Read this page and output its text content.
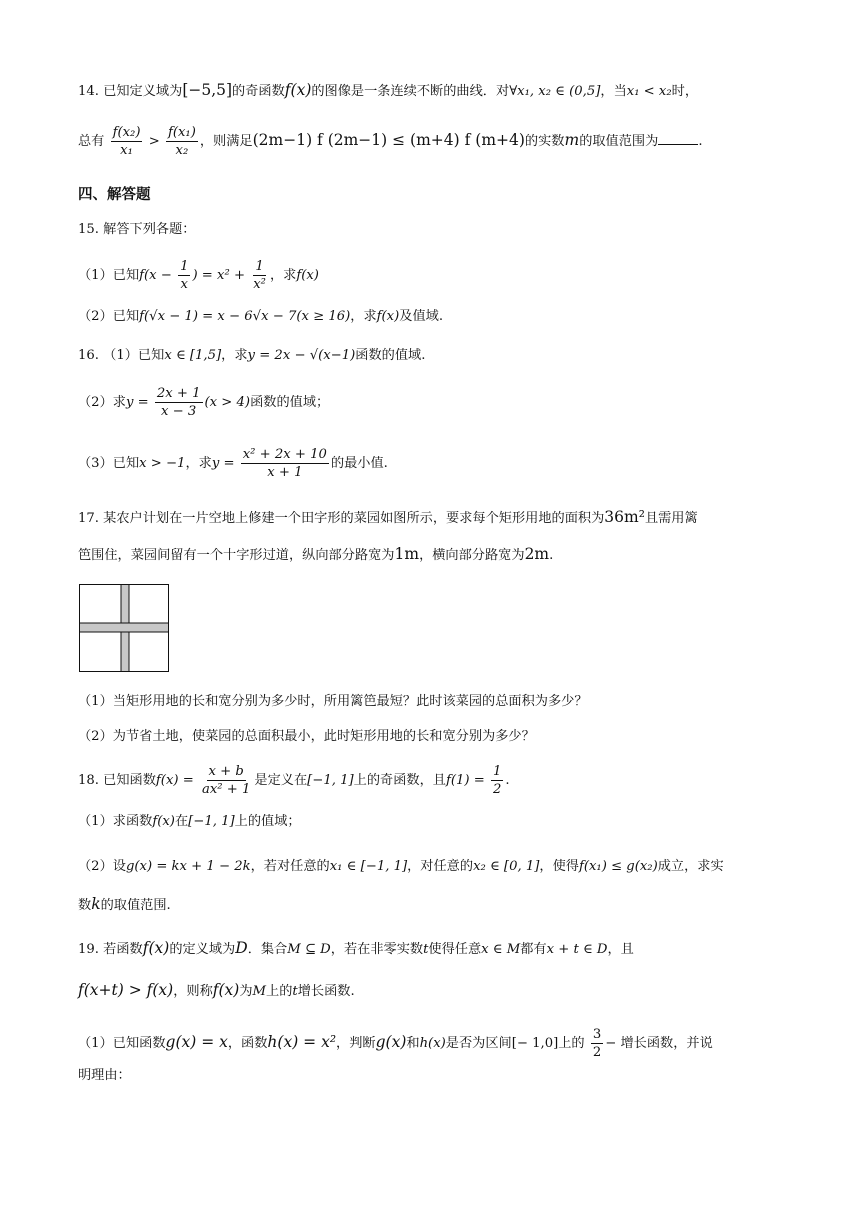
14. 已知定义域为[−5,5]的奇函数f(x)的图像是一条连续不断的曲线．对∀x₁, x₂ ∈ (0,5]，当x₁ < x₂时，
总有 $\frac{\text{f(x₂)}}{\text{x₁}} > \frac{\text{f(x₁)}}{\text{x₂}}$ ，则满足(2m−1) f (2m−1) ≤ (m+4) f (m+4)的实数m的取值范围为	.
四、解答题
15. 解答下列各题：
（1）已知$f(x - \frac{1}{x}$ ) = $x^2 + \frac{1}{\text{x²}}$ ，求f(x)
（2）已知f(√x − 1) = x − 6√x − 7(x ≥ 16)，求f(x)及值域.
16. （1）已知x ∈ [1,5]，求y = 2x − √(x−1)函数的值域.
（2）求$y = \frac{2x + 1}{x - 3} (x > 4)$函数的值域；
（3）已知x > −1，求$y = \frac{\text{x² + 2x + 10}}{x + 1}$ 的最小值.
17. 某农户计划在一片空地上修建一个田字形的菜园如图所示，要求每个矩形用地的面积为36m²且需用篱
笆围住，菜园间留有一个十字形过道，纵向部分路宽为1m，横向部分路宽为2m.
（1）当矩形用地的长和宽分别为多少时，所用篱笆最短？此时该菜园的总面积为多少？
（2）为节省土地，使菜园的总面积最小，此时矩形用地的长和宽分别为多少？
18. 已知函数$f(x) = \frac{x + b}{\text{ax² + 1}}$ 是定义在[−1, 1]上的奇函数，且$f(1) = \frac{1}{2}$ .
（1）求函数f(x)在[−1, 1]上的值域；
（2）设g(x) = kx + 1 − 2k，若对任意的x₁ ∈ [−1, 1]，对任意的x₂ ∈ [0, 1]，使得f(x₁) ≤ g(x₂)成立，求实
数k的取值范围.
19. 若函数f(x)的定义域为D．集合M ⊆ D，若在非零实数t使得任意x ∈ M都有x + t ∈ D，且
f(x+t) > f(x)，则称f(x)为M上的t增长函数.
（1）已知函数g(x) = x，函数h(x) = x²，判断g(x)和h(x)是否为区间[− 1,0]上的 $\frac{3}{2}$ − 增长函数，并说
明理由：
